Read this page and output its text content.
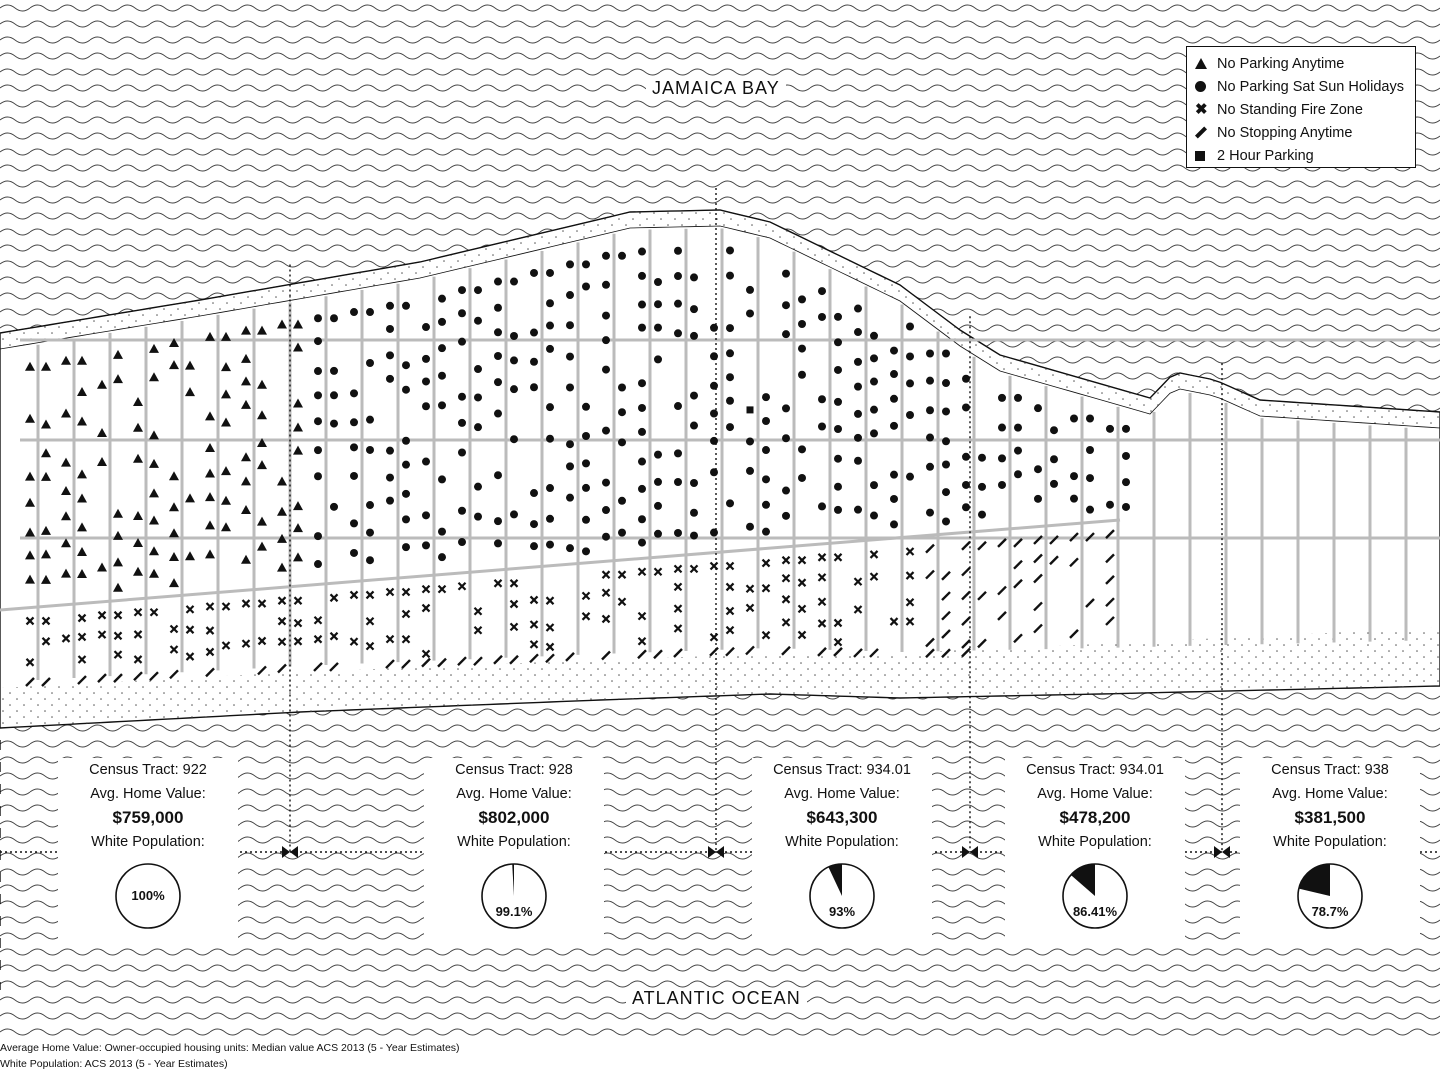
JAMAICA BAY
ATLANTIC OCEAN
No Parking Anytime
No Parking Sat Sun Holidays
✖ No Standing Fire Zone
No Stopping Anytime
2 Hour Parking
Census Tract: 922
Avg. Home Value:
$759,000
White Population:
100%
Census Tract: 928
Avg. Home Value:
$802,000
White Population:
99.1%
Census Tract: 934.01
Avg. Home Value:
$643,300
White Population:
93%
Census Tract: 934.01
Avg. Home Value:
$478,200
White Population:
86.41%
Census Tract: 938
Avg. Home Value:
$381,500
White Population:
78.7%
Average Home Value: Owner-occupied housing units: Median value ACS 2013 (5 - Year Estimates)
White Population: ACS 2013 (5 - Year Estimates)
